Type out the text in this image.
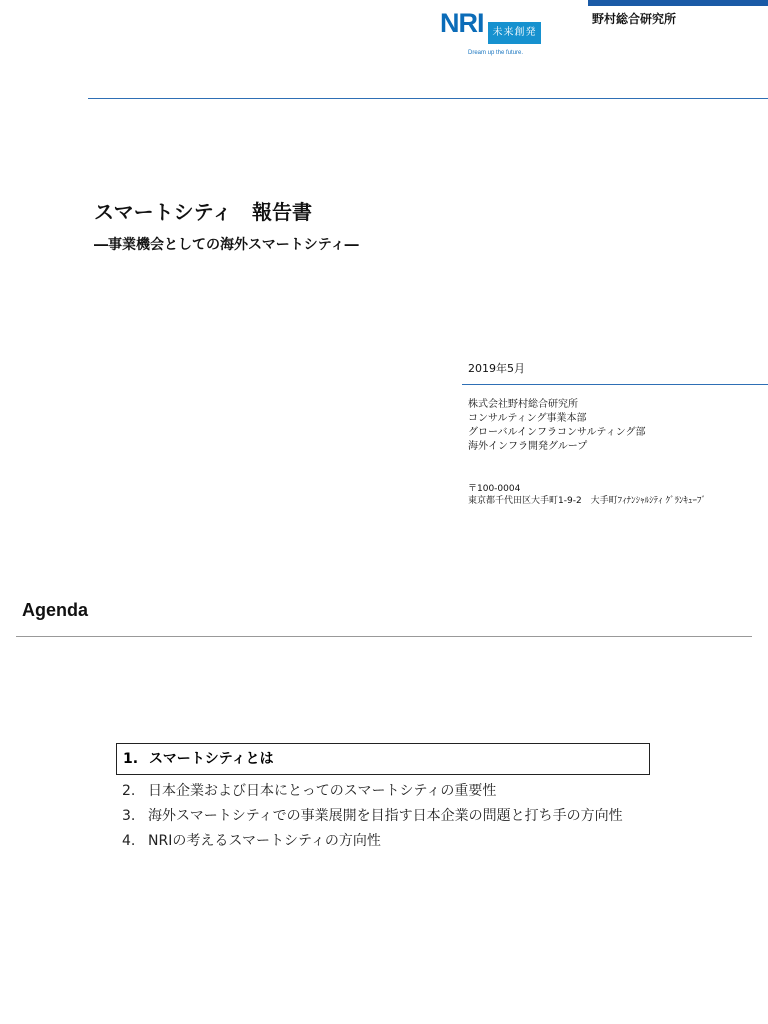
NRI 未来創発
Dream up the future.
野村総合研究所
スマートシティ　報告書
―事業機会としての海外スマートシティ―
2019年5月
株式会社野村総合研究所
コンサルティング事業本部
グローバルインフラコンサルティング部
海外インフラ開発グループ
〒100-0004
東京都千代田区大手町1-9-2　大手町ﾌｨﾅﾝｼｬﾙｼﾃｨ ｸﾞﾗﾝｷｭｰﾌﾞ
Agenda
1. スマートシティとは
2. 日本企業および日本にとってのスマートシティの重要性
3. 海外スマートシティでの事業展開を目指す日本企業の問題と打ち手の方向性
4. NRIの考えるスマートシティの方向性
